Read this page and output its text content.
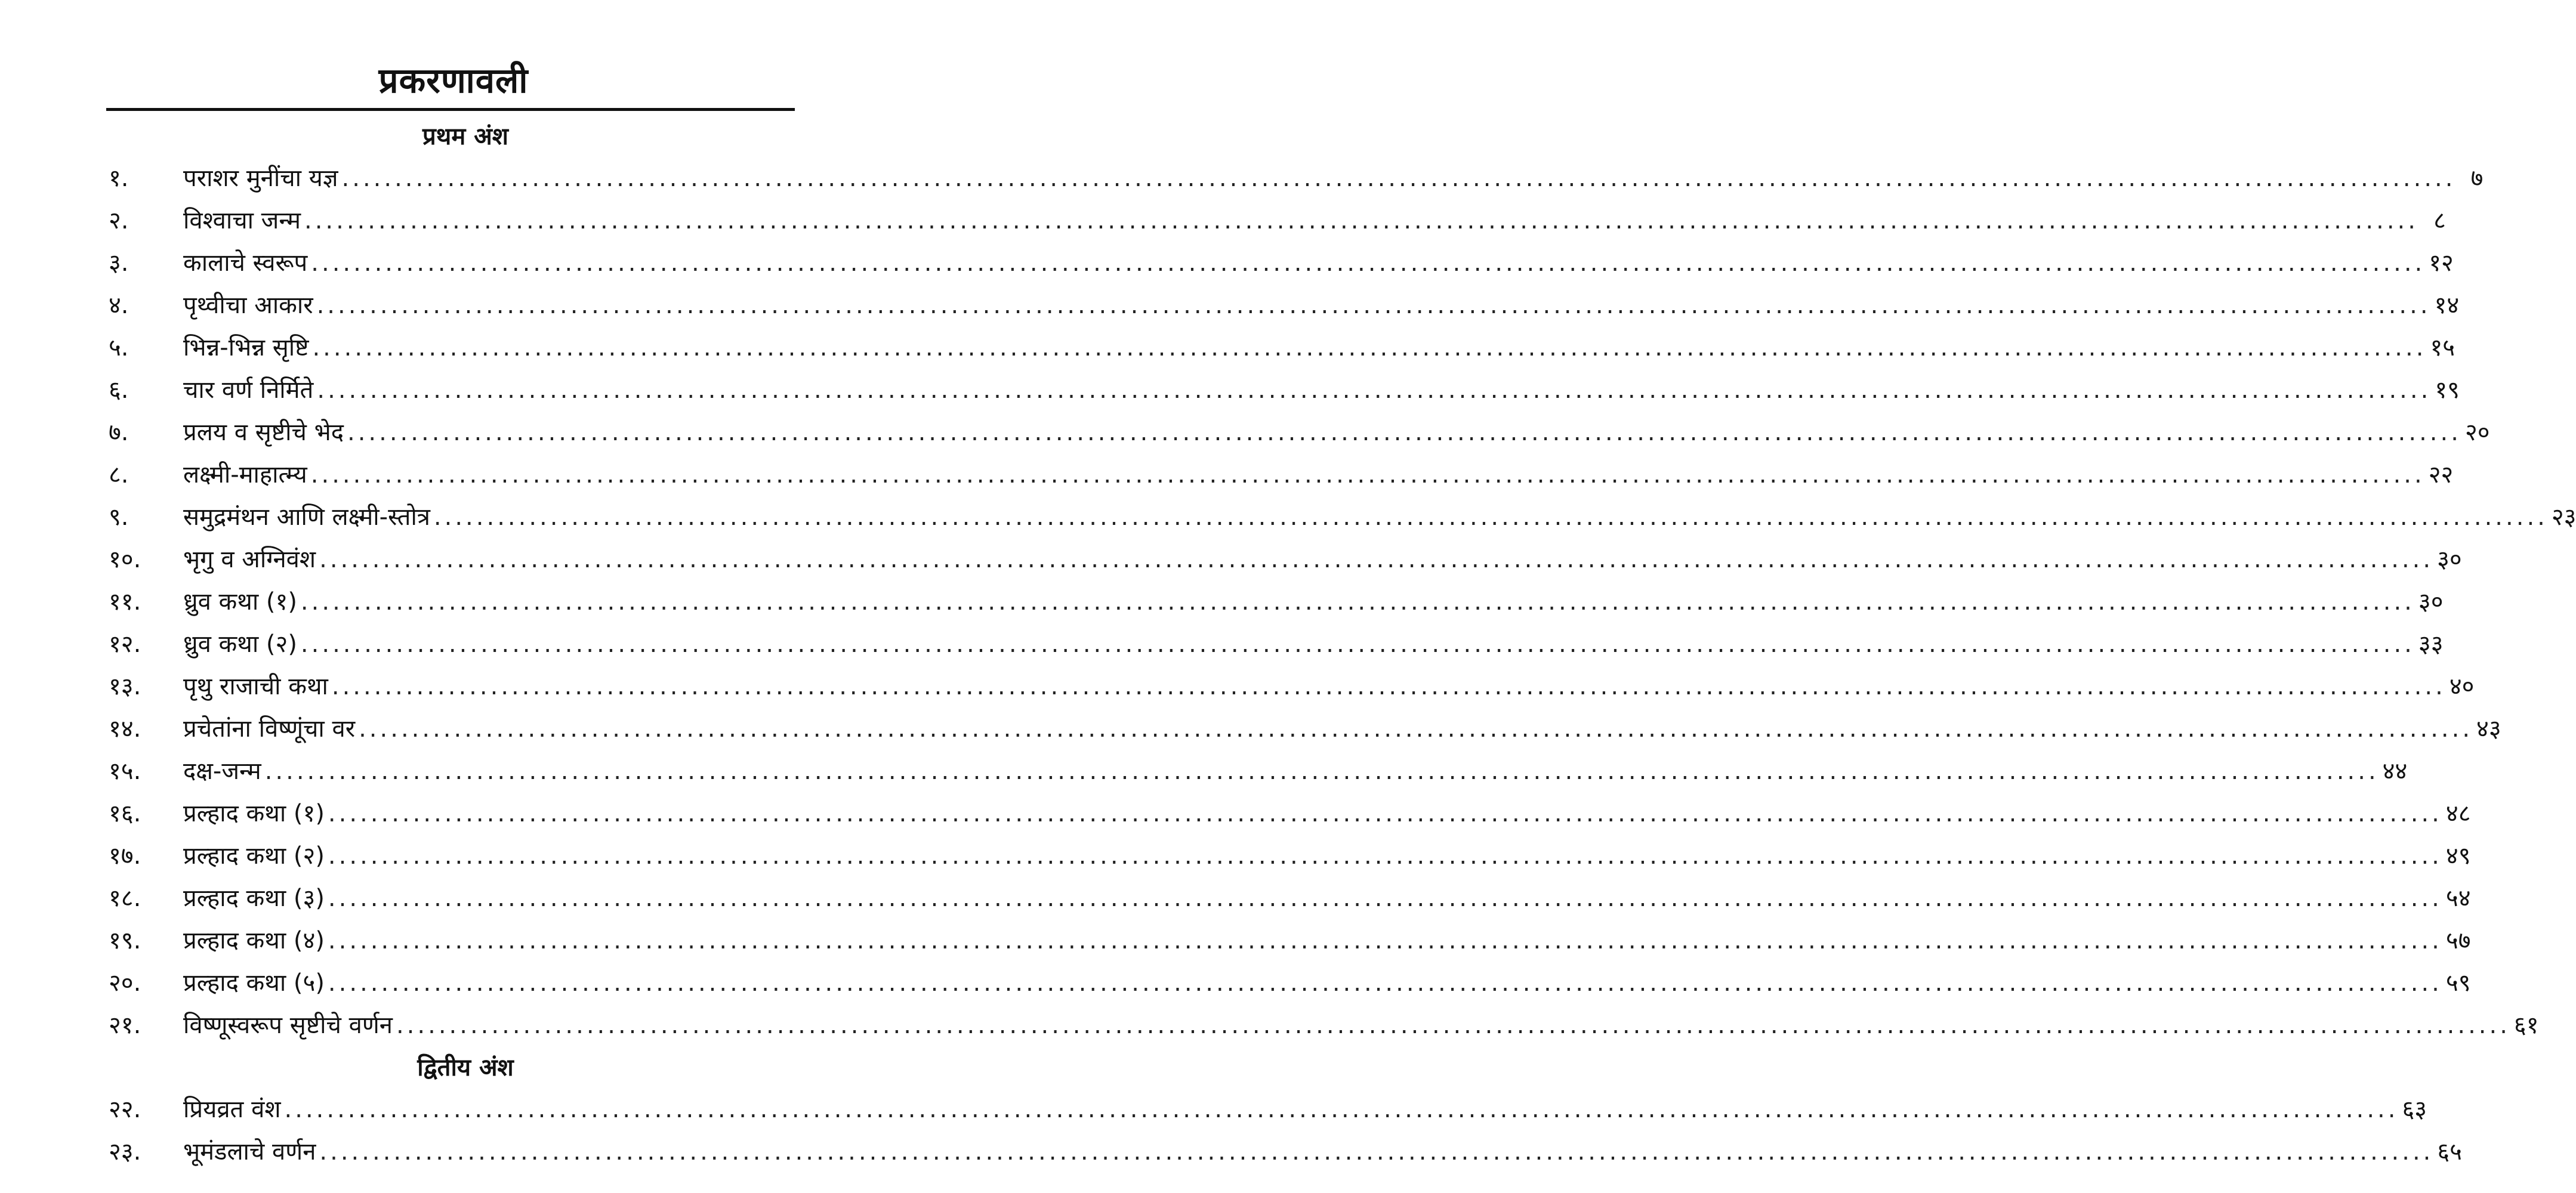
प्रकरणावली
प्रथम अंश
१.	पराशर मुनींचा यज्ञ ........................................................................................................................................................................................................ ७
२.	विश्वाचा जन्म ........................................................................................................................................................................................................ ८
३.	कालाचे स्वरूप ........................................................................................................................................................................................................ १२
४.	पृथ्वीचा आकार ........................................................................................................................................................................................................ १४
५.	भिन्न-भिन्न सृष्टि ........................................................................................................................................................................................................ १५
६.	चार वर्ण निर्मिते ........................................................................................................................................................................................................ १९
७.	प्रलय व सृष्टीचे भेद ........................................................................................................................................................................................................ २०
८.	लक्ष्मी-माहात्म्य ........................................................................................................................................................................................................ २२
९.	समुद्रमंथन आणि लक्ष्मी-स्तोत्र ........................................................................................................................................................................................................ २३
१०.	भृगु व अग्निवंश ........................................................................................................................................................................................................ ३०
११.	ध्रुव कथा (१) ........................................................................................................................................................................................................ ३०
१२.	ध्रुव कथा (२) ........................................................................................................................................................................................................ ३३
१३.	पृथु राजाची कथा ........................................................................................................................................................................................................ ४०
१४.	प्रचेतांना विष्णूंचा वर ........................................................................................................................................................................................................ ४३
१५.	दक्ष-जन्म ........................................................................................................................................................................................................ ४४
१६.	प्रल्हाद कथा (१) ........................................................................................................................................................................................................ ४८
१७.	प्रल्हाद कथा (२) ........................................................................................................................................................................................................ ४९
१८.	प्रल्हाद कथा (३) ........................................................................................................................................................................................................ ५४
१९.	प्रल्हाद कथा (४) ........................................................................................................................................................................................................ ५७
२०.	प्रल्हाद कथा (५) ........................................................................................................................................................................................................ ५९
२१.	विष्णूस्वरूप सृष्टीचे वर्णन ........................................................................................................................................................................................................ ६१
द्वितीय अंश
२२.	प्रियव्रत वंश ........................................................................................................................................................................................................ ६३
२३.	भूमंडलाचे वर्णन ........................................................................................................................................................................................................ ६५
